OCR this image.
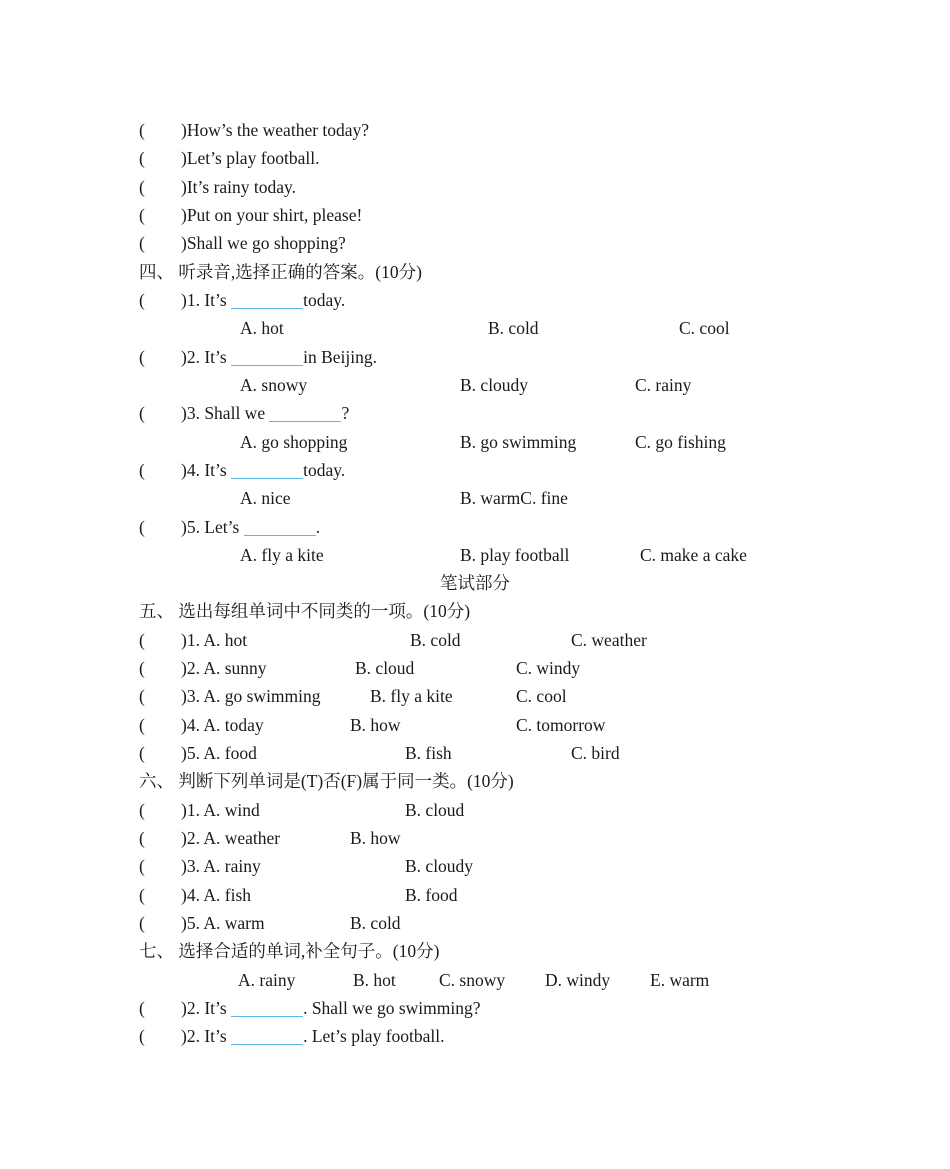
( )How’s the weather today?
( )Let’s play football.
( )It’s rainy today.
( )Put on your shirt, please!
( )Shall we go shopping?
四、 听录音,选择正确的答案。(10分)
( )1. It’s	today.
A. hot	B. cold	C. cool
( )2. It’s	in Beijing.
A. snowy	B. cloudy	C. rainy
( )3. Shall we	?
A. go shopping	B. go swimming	C. go fishing
( )4. It’s	today.
A. nice	B. warmC. fine
( )5. Let’s	.
A. fly a kite	B. play football	C. make a cake
笔试部分
五、 选出每组单词中不同类的一项。(10分)
( )1. A. hot	B. cold	C. weather
( )2. A. sunny	B. cloud	C. windy
( )3. A. go swimming	B. fly a kite	C. cool
( )4. A. today	B. how	C. tomorrow
( )5. A. food	B. fish	C. bird
六、 判断下列单词是(T)否(F)属于同一类。(10分)
( )1. A. wind	B. cloud
( )2. A. weather	B. how
( )3. A. rainy	B. cloudy
( )4. A. fish	B. food
( )5. A. warm	B. cold
七、 选择合适的单词,补全句子。(10分)
A. rainy	B. hot C. snowy D. windy E. warm
( )2. It’s	. Shall we go swimming?
( )2. It’s	. Let’s play football.
